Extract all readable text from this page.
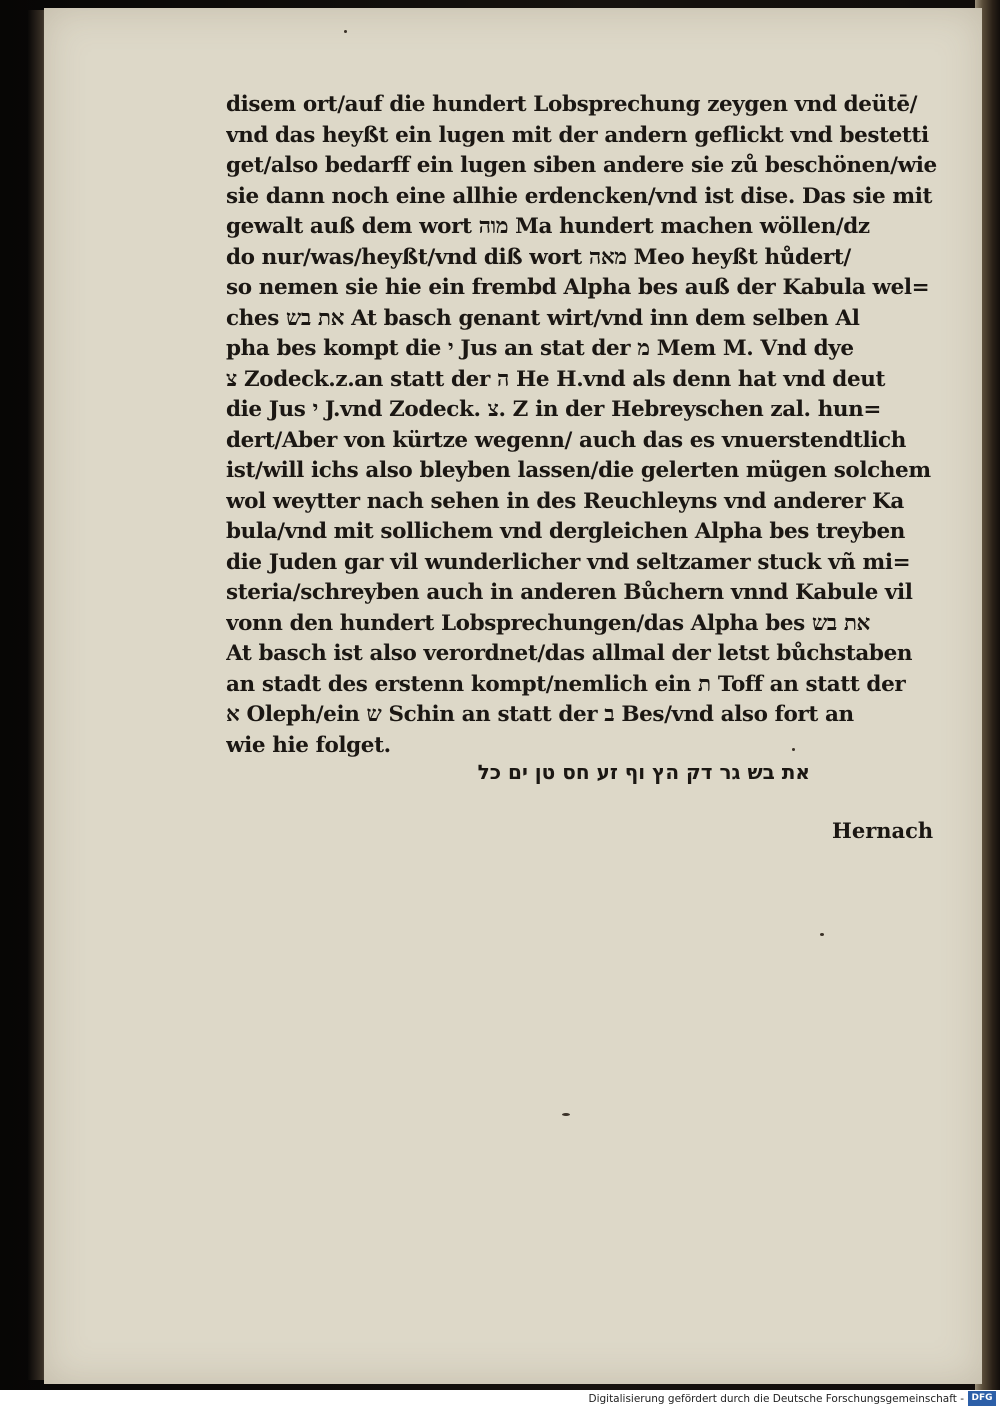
disem ort/auf die hundert Lobsprechung zeygen vnd deütē/
vnd das heyßt ein lugen mit der andern geflickt vnd bestetti
get/also bedarff ein lugen siben andere sie zů beschönen/wie
sie dann noch eine allhie erdencken/vnd ist dise. Das sie mit
gewalt auß dem wort מוה Ma hundert machen wöllen/dz
do nur/was/heyßt/vnd diß wort מאה Meo heyßt hůdert/
so nemen sie hie ein frembd Alpha bes auß der Kabula wel=
ches את בש At basch genant wirt/vnd inn dem selben Al
pha bes kompt die י Jus an stat der מ Mem M. Vnd dye
צ Zodeck.z.an statt der ה He H.vnd als denn hat vnd deut
die Jus י J.vnd Zodeck. צ. Z in der Hebreyschen zal. hun=
dert/Aber von kürtze wegenn/ auch das es vnuerstendtlich
ist/will ichs also bleyben lassen/die gelerten mügen solchem
wol weytter nach sehen in des Reuchleyns vnd anderer Ka
bula/vnd mit sollichem vnd dergleichen Alpha bes treyben
die Juden gar vil wunderlicher vnd seltzamer stuck vñ mi=
steria/schreyben auch in anderen Bůchern vnnd Kabule vil
vonn den hundert Lobsprechungen/das Alpha bes את בש
At basch ist also verordnet/das allmal der letst bůchstaben
an stadt des erstenn kompt/nemlich ein ת Toff an statt der
א Oleph/ein ש Schin an statt der ב Bes/vnd also fort an
wie hie folget.
את בש גר דק הץ וף זע חס טן ים כל
Hernach
Digitalisierung gefördert durch die Deutsche Forschungsgemeinschaft - DFG
